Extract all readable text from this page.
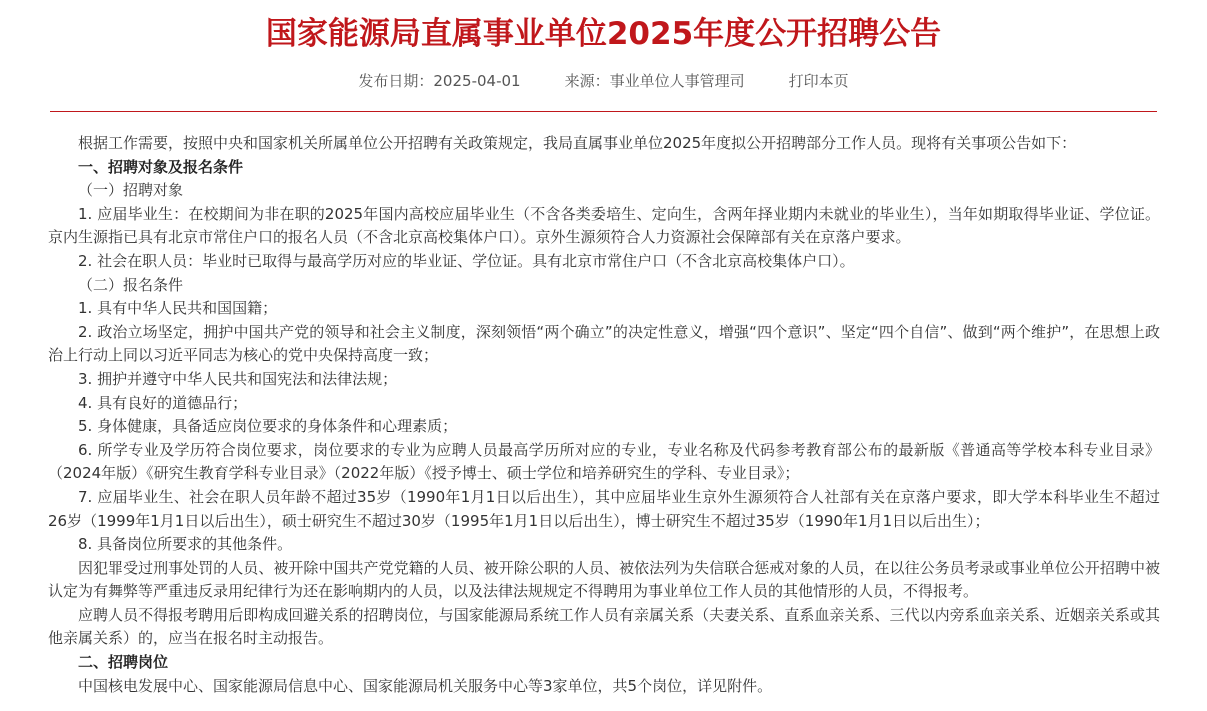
国家能源局直属事业单位2025年度公开招聘公告
发布日期：2025-04-01	来源：事业单位人事管理司	打印本页

根据工作需要，按照中央和国家机关所属单位公开招聘有关政策规定，我局直属事业单位2025年度拟公开招聘部分工作人员。现将有关事项公告如下：

一、招聘对象及报名条件

（一）招聘对象

1. 应届毕业生：在校期间为非在职的2025年国内高校应届毕业生（不含各类委培生、定向生，含两年择业期内未就业的毕业生），当年如期取得毕业证、学位证。京内生源指已具有北京市常住户口的报名人员（不含北京高校集体户口）。京外生源须符合人力资源社会保障部有关在京落户要求。

2. 社会在职人员：毕业时已取得与最高学历对应的毕业证、学位证。具有北京市常住户口（不含北京高校集体户口）。

（二）报名条件

1. 具有中华人民共和国国籍；

2. 政治立场坚定，拥护中国共产党的领导和社会主义制度，深刻领悟“两个确立”的决定性意义，增强“四个意识”、坚定“四个自信”、做到“两个维护”，在思想上政治上行动上同以习近平同志为核心的党中央保持高度一致；

3. 拥护并遵守中华人民共和国宪法和法律法规；

4. 具有良好的道德品行；

5. 身体健康，具备适应岗位要求的身体条件和心理素质；

6. 所学专业及学历符合岗位要求，岗位要求的专业为应聘人员最高学历所对应的专业，专业名称及代码参考教育部公布的最新版《普通高等学校本科专业目录》（2024年版）《研究生教育学科专业目录》（2022年版）《授予博士、硕士学位和培养研究生的学科、专业目录》；

7. 应届毕业生、社会在职人员年龄不超过35岁（1990年1月1日以后出生），其中应届毕业生京外生源须符合人社部有关在京落户要求，即大学本科毕业生不超过26岁（1999年1月1日以后出生），硕士研究生不超过30岁（1995年1月1日以后出生），博士研究生不超过35岁（1990年1月1日以后出生）；

8. 具备岗位所要求的其他条件。

因犯罪受过刑事处罚的人员、被开除中国共产党党籍的人员、被开除公职的人员、被依法列为失信联合惩戒对象的人员，在以往公务员考录或事业单位公开招聘中被认定为有舞弊等严重违反录用纪律行为还在影响期内的人员，以及法律法规规定不得聘用为事业单位工作人员的其他情形的人员，不得报考。

应聘人员不得报考聘用后即构成回避关系的招聘岗位，与国家能源局系统工作人员有亲属关系（夫妻关系、直系血亲关系、三代以内旁系血亲关系、近姻亲关系或其他亲属关系）的，应当在报名时主动报告。

二、招聘岗位

中国核电发展中心、国家能源局信息中心、国家能源局机关服务中心等3家单位，共5个岗位，详见附件。
